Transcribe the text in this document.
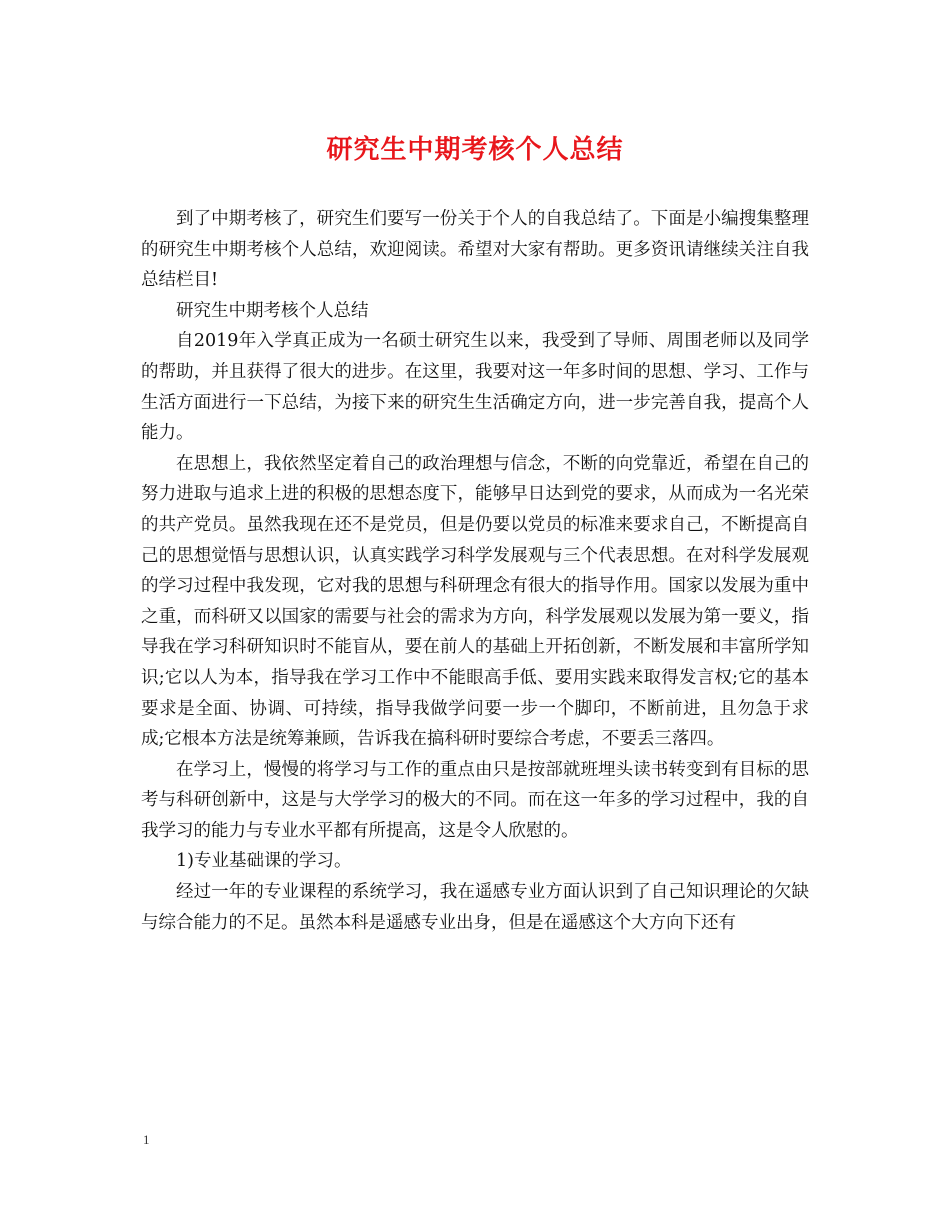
研究生中期考核个人总结

到了中期考核了，研究生们要写一份关于个人的自我总结了。下面是小编搜集整理的研究生中期考核个人总结，欢迎阅读。希望对大家有帮助。更多资讯请继续关注自我总结栏目!

研究生中期考核个人总结

自2019年入学真正成为一名硕士研究生以来，我受到了导师、周围老师以及同学的帮助，并且获得了很大的进步。在这里，我要对这一年多时间的思想、学习、工作与生活方面进行一下总结，为接下来的研究生生活确定方向，进一步完善自我，提高个人能力。

在思想上，我依然坚定着自己的政治理想与信念，不断的向党靠近，希望在自己的努力进取与追求上进的积极的思想态度下，能够早日达到党的要求，从而成为一名光荣的共产党员。虽然我现在还不是党员，但是仍要以党员的标准来要求自己，不断提高自己的思想觉悟与思想认识，认真实践学习科学发展观与三个代表思想。在对科学发展观的学习过程中我发现，它对我的思想与科研理念有很大的指导作用。国家以发展为重中之重，而科研又以国家的需要与社会的需求为方向，科学发展观以发展为第一要义，指导我在学习科研知识时不能盲从，要在前人的基础上开拓创新，不断发展和丰富所学知识;它以人为本，指导我在学习工作中不能眼高手低、要用实践来取得发言权;它的基本要求是全面、协调、可持续，指导我做学问要一步一个脚印，不断前进，且勿急于求成;它根本方法是统筹兼顾，告诉我在搞科研时要综合考虑，不要丢三落四。

在学习上，慢慢的将学习与工作的重点由只是按部就班埋头读书转变到有目标的思考与科研创新中，这是与大学学习的极大的不同。而在这一年多的学习过程中，我的自我学习的能力与专业水平都有所提高，这是令人欣慰的。

1)专业基础课的学习。

经过一年的专业课程的系统学习，我在遥感专业方面认识到了自己知识理论的欠缺与综合能力的不足。虽然本科是遥感专业出身，但是在遥感这个大方向下还有

1
